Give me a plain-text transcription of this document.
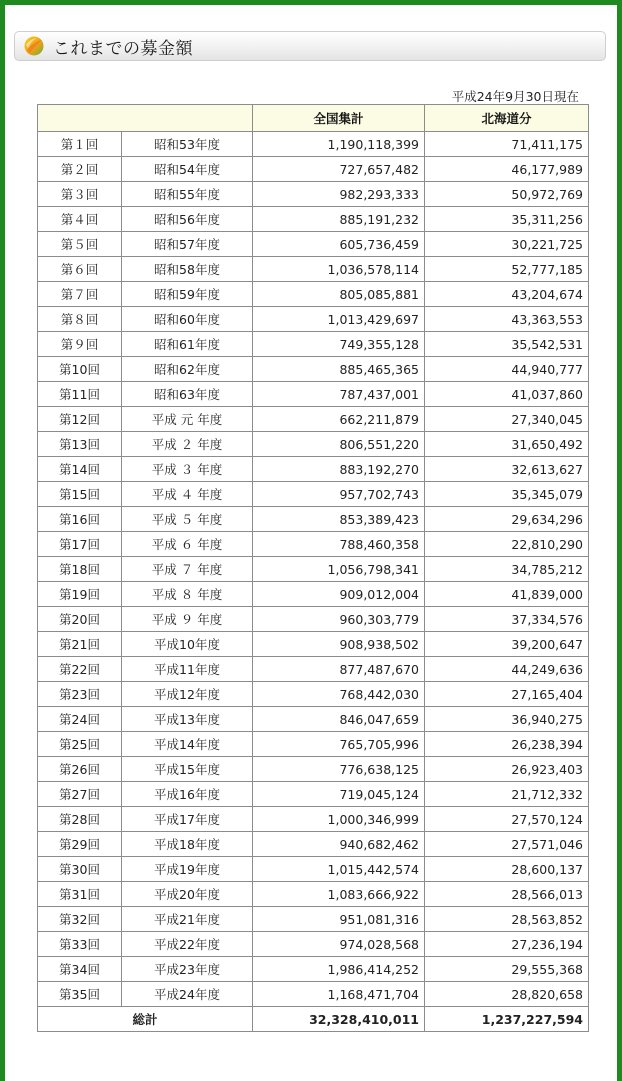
これまでの募金額
平成24年9月30日現在
		全国集計	北海道分
第１回	昭和53年度	1,190,118,399	71,411,175
第２回	昭和54年度	727,657,482	46,177,989
第３回	昭和55年度	982,293,333	50,972,769
第４回	昭和56年度	885,191,232	35,311,256
第５回	昭和57年度	605,736,459	30,221,725
第６回	昭和58年度	1,036,578,114	52,777,185
第７回	昭和59年度	805,085,881	43,204,674
第８回	昭和60年度	1,013,429,697	43,363,553
第９回	昭和61年度	749,355,128	35,542,531
第10回	昭和62年度	885,465,365	44,940,777
第11回	昭和63年度	787,437,001	41,037,860
第12回	平成 元 年度	662,211,879	27,340,045
第13回	平成 ２ 年度	806,551,220	31,650,492
第14回	平成 ３ 年度	883,192,270	32,613,627
第15回	平成 ４ 年度	957,702,743	35,345,079
第16回	平成 ５ 年度	853,389,423	29,634,296
第17回	平成 ６ 年度	788,460,358	22,810,290
第18回	平成 ７ 年度	1,056,798,341	34,785,212
第19回	平成 ８ 年度	909,012,004	41,839,000
第20回	平成 ９ 年度	960,303,779	37,334,576
第21回	平成10年度	908,938,502	39,200,647
第22回	平成11年度	877,487,670	44,249,636
第23回	平成12年度	768,442,030	27,165,404
第24回	平成13年度	846,047,659	36,940,275
第25回	平成14年度	765,705,996	26,238,394
第26回	平成15年度	776,638,125	26,923,403
第27回	平成16年度	719,045,124	21,712,332
第28回	平成17年度	1,000,346,999	27,570,124
第29回	平成18年度	940,682,462	27,571,046
第30回	平成19年度	1,015,442,574	28,600,137
第31回	平成20年度	1,083,666,922	28,566,013
第32回	平成21年度	951,081,316	28,563,852
第33回	平成22年度	974,028,568	27,236,194
第34回	平成23年度	1,986,414,252	29,555,368
第35回	平成24年度	1,168,471,704	28,820,658
総計		32,328,410,011	1,237,227,594
